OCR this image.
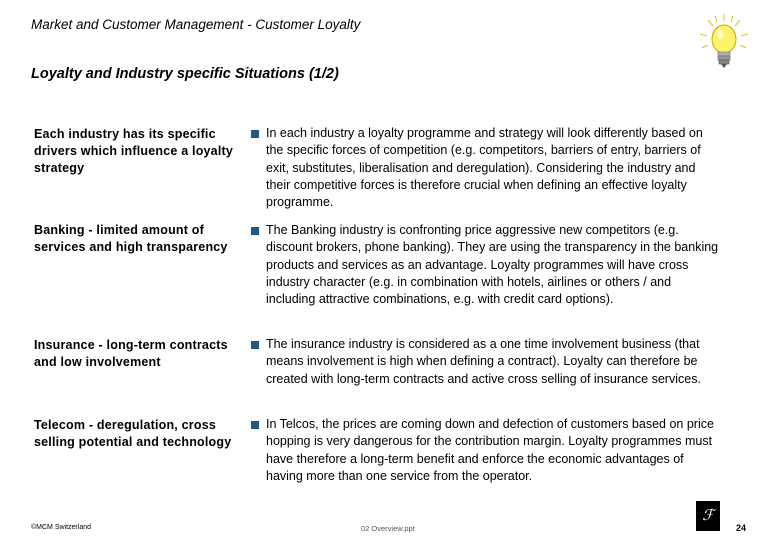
Market and Customer Management - Customer Loyalty
Loyalty and Industry specific Situations (1/2)
Each industry has its specific drivers which influence a loyalty strategy
In each industry a loyalty programme and strategy will look differently based on the specific forces of competition (e.g. competitors, barriers of entry, barriers of exit, substitutes, liberalisation and deregulation). Considering the industry and their competitive forces is therefore crucial when defining an effective loyalty programme.
Banking - limited amount of services and high transparency
The Banking industry is confronting price aggressive new competitors (e.g. discount brokers, phone banking). They are using the transparency in the banking products and services as an advantage. Loyalty programmes will have cross industry character (e.g. in combination with hotels, airlines or others / and including attractive combinations, e.g. with credit card options).
Insurance - long-term contracts and low involvement
The insurance industry is considered as a one time involvement business (that means involvement is high when defining a contract). Loyalty can therefore be created with long-term contracts and active cross selling of insurance services.
Telecom - deregulation, cross selling potential and technology
In Telcos, the prices are coming down and defection of customers based on price hopping is very dangerous for the contribution margin. Loyalty programmes must have therefore a long-term benefit and enforce the economic advantages of having more than one service from the operator.
©MCM Switzerland	02 Overview.ppt
ℱ
24
